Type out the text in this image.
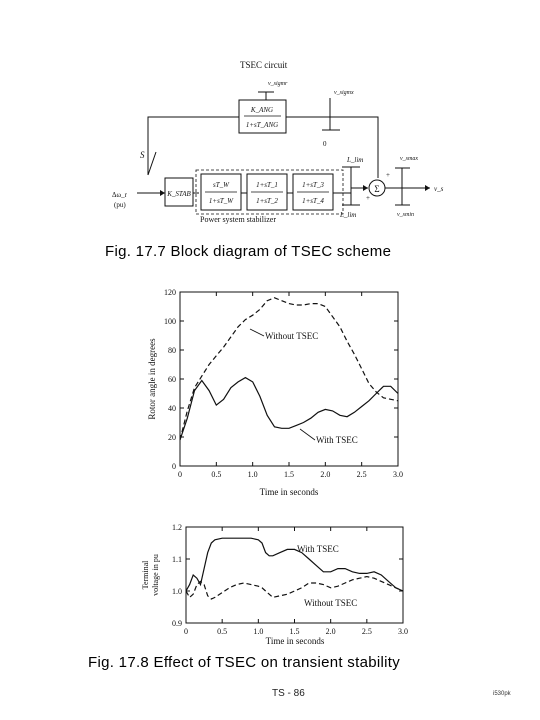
TSEC circuit
v_sigmr
K_ANG
1+sT_ANG
v_sigmx
0
S
Δω_r
(pu)
K_STAB
sT_W
1+sT_W
1+sT_1
1+sT_2
1+sT_3
1+sT_4
Power system stabilizer
L_lim
L_lim
Σ
+
+
v_smax
v_smin
v_s
Fig. 17.7 Block diagram of TSEC scheme
0	0.5	1.0	1.5	2.0	2.5	3.0
0
20
40
60
80
100
120
Time in seconds
Rotor angle in degrees
Without TSEC
With TSEC
0	0.5	1.0	1.5	2.0	2.5	3.0
0.9
1.0
1.1
1.2
Time in seconds
Terminal voltage in pu
With TSEC
Without TSEC
Fig. 17.8 Effect of TSEC on transient stability
TS - 86	i530pk
